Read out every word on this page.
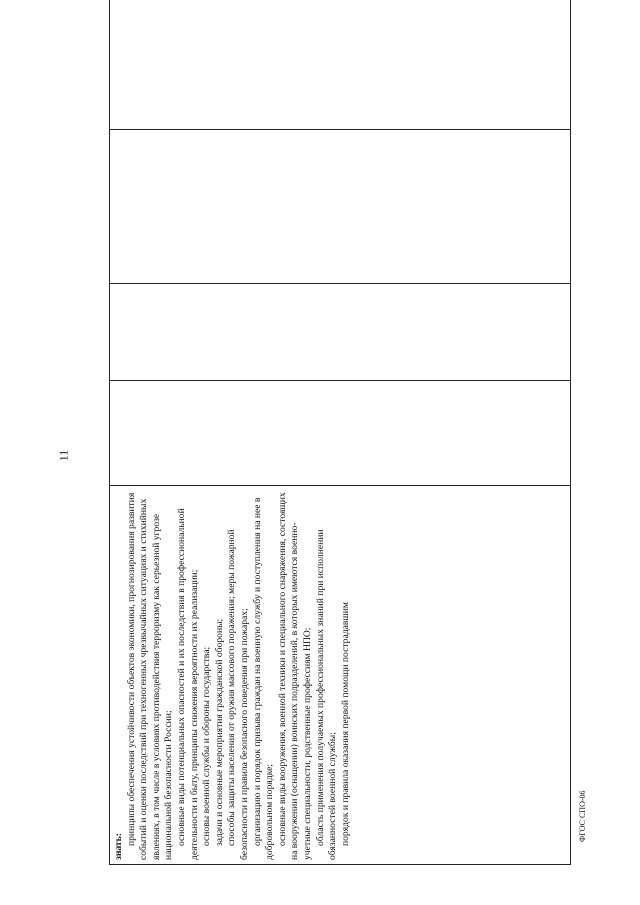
11
знать:

принципы обеспечения устойчивости объектов экономики, прогнозирования развития событий и оценки последствий при техногенных чрезвычайных ситуациях и стихийных явлениях, в том числе в условиях противодействия терроризму как серьезной угрозе национальной безопасности России; основные виды потенциальных опасностей и их последствия в профессиональной деятельности и быту, принципы снижения вероятности их реализации; основы военной службы и обороны государства; задачи и основные мероприятия гражданской обороны; способы защиты населения от оружия массового поражения; меры пожарной безопасности и правила безопасного поведения при пожарах; организацию и порядок призыва граждан на военную службу и поступления на нее в добровольном порядке; основные виды вооружения, военной техники и специального снаряжения, состоящих на вооружении (оснащении) воинских подразделений, в которых имеются военно-учетные специальности, родственные профессиям НПО; область применения получаемых профессиональных знаний при исполнении обязанностей военной службы; порядок и правила оказания первой помощи пострадавшим

					ФГОС СПО-06
